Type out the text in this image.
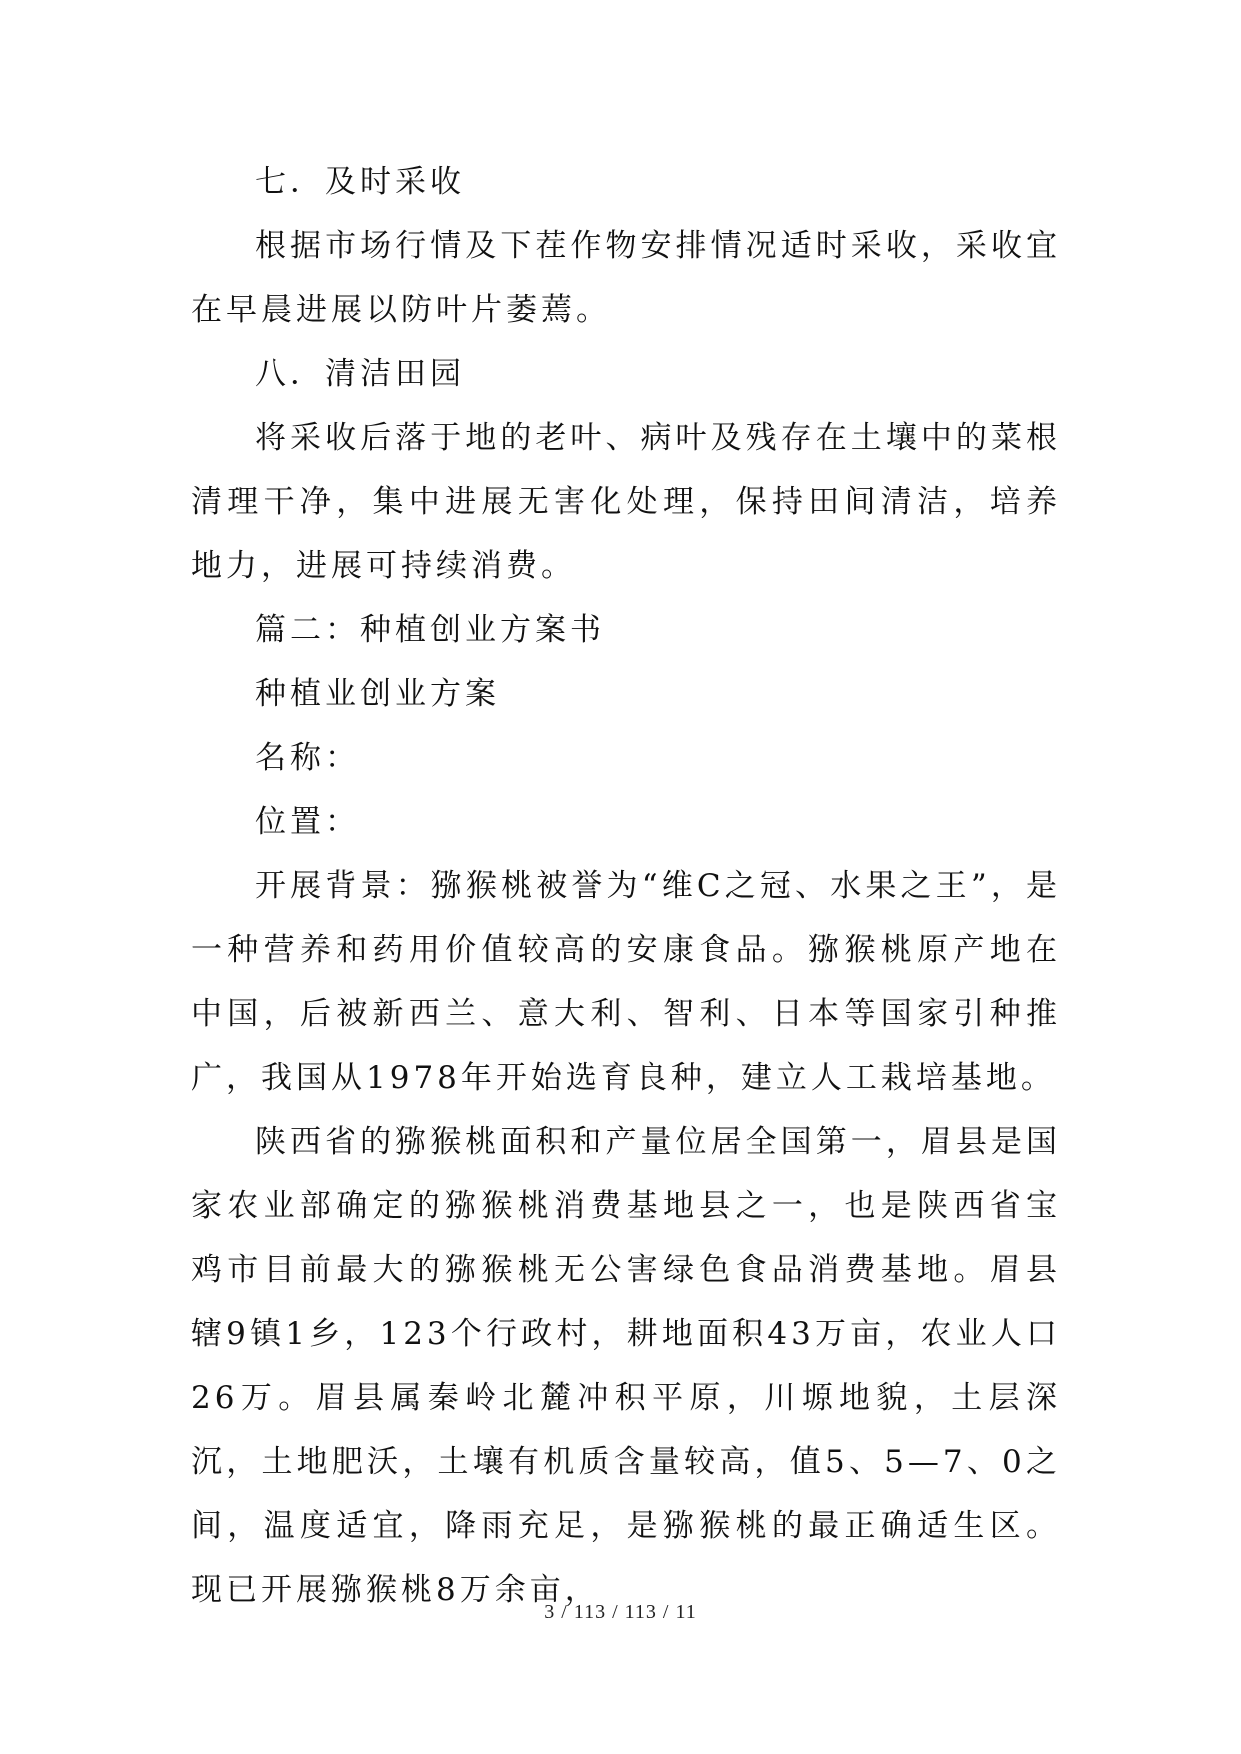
七．及时采收

根据市场行情及下茬作物安排情况适时采收，采收宜在早晨进展以防叶片萎蔫。

八．清洁田园

将采收后落于地的老叶、病叶及残存在土壤中的菜根清理干净，集中进展无害化处理，保持田间清洁，培养地力，进展可持续消费。

篇二：种植创业方案书

种植业创业方案

名称：

位置：

开展背景：猕猴桃被誉为“维C之冠、水果之王”，是一种营养和药用价值较高的安康食品。猕猴桃原产地在中国，后被新西兰、意大利、智利、日本等国家引种推广，我国从1978年开始选育良种，建立人工栽培基地。

陕西省的猕猴桃面积和产量位居全国第一，眉县是国家农业部确定的猕猴桃消费基地县之一，也是陕西省宝鸡市目前最大的猕猴桃无公害绿色食品消费基地。眉县辖9镇1乡，123个行政村，耕地面积43万亩，农业人口26万。眉县属秦岭北麓冲积平原，川塬地貌，土层深沉，土地肥沃，土壤有机质含量较高，值5、5—7、0之间，温度适宜，降雨充足，是猕猴桃的最正确适生区。现已开展猕猴桃8万余亩，

3 / 113 / 113 / 11
